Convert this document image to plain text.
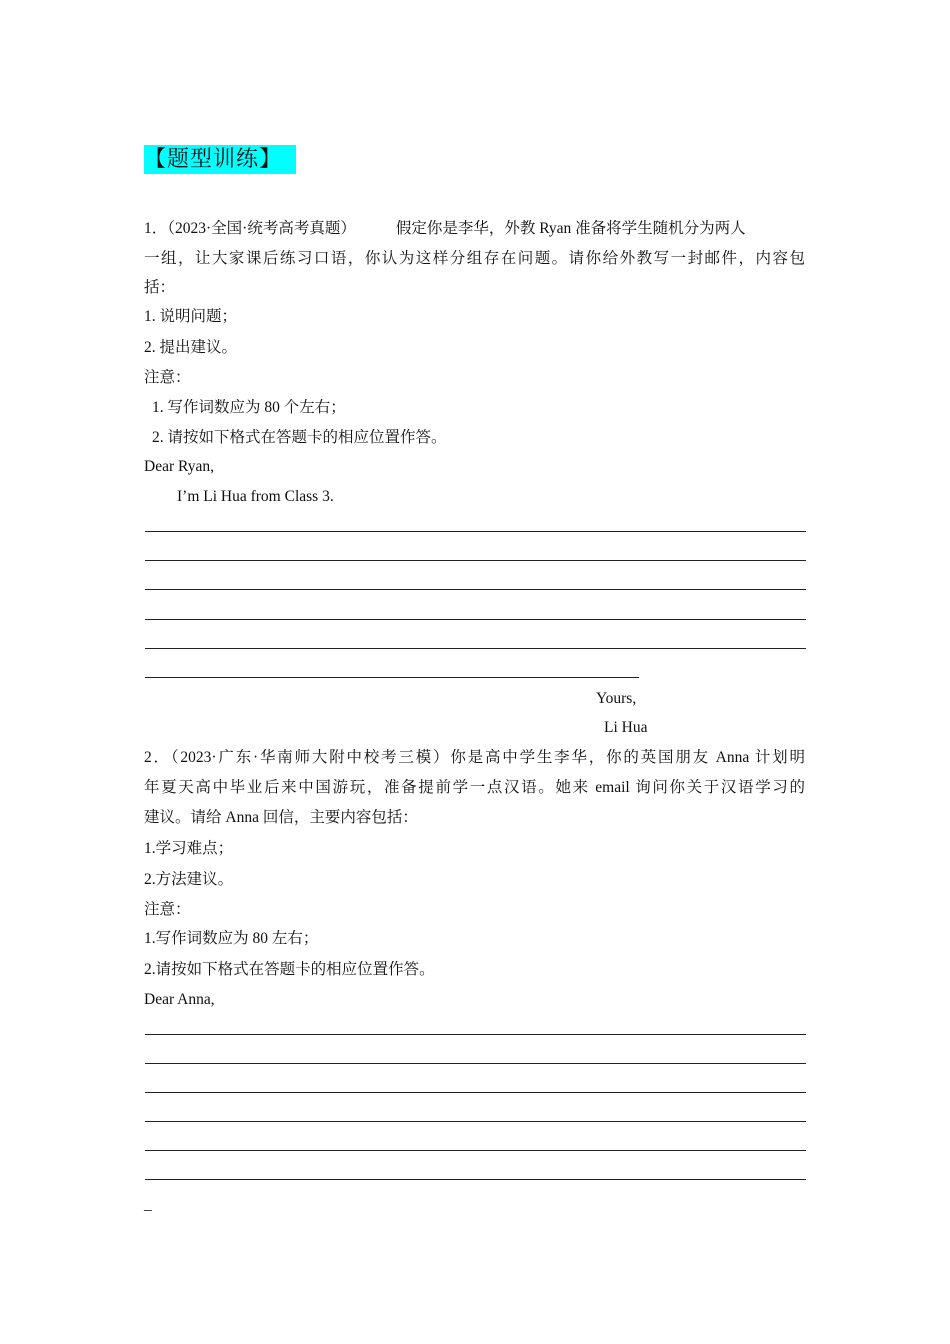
【题型训练】
1．（2023·全国·统考高考真题）	假定你是李华，外教 Ryan 准备将学生随机分为两人
一组，让大家课后练习口语，你认为这样分组存在问题。请你给外教写一封邮件，内容包
括：
1. 说明问题；
2. 提出建议。
注意：
1. 写作词数应为 80 个左右；
2. 请按如下格式在答题卡的相应位置作答。
Dear Ryan,
I’m Li Hua from Class 3.
Yours,
Li Hua
2．（2023·广东·华南师大附中校考三模）你是高中学生李华，你的英国朋友 Anna 计划明
年夏天高中毕业后来中国游玩，准备提前学一点汉语。她来 email 询问你关于汉语学习的
建议。请给 Anna 回信，主要内容包括：
1.学习难点；
2.方法建议。
注意：
1.写作词数应为 80 左右；
2.请按如下格式在答题卡的相应位置作答。
Dear Anna,
_
